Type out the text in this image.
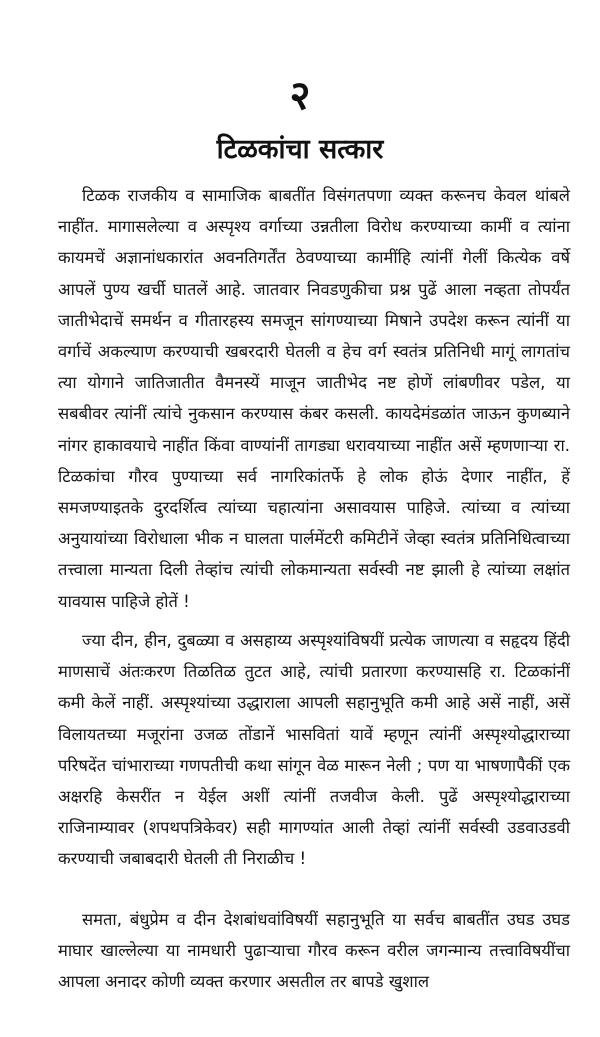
२
टिळकांचा सत्कार

टिळक राजकीय व सामाजिक बाबतींत विसंगतपणा व्यक्त करूनच केवल थांबले नाहींत. मागासलेल्या व अस्पृश्य वर्गाच्या उन्नतीला विरोध करण्याच्या कामीं व त्यांना कायमचें अज्ञानांधकारांत अवनतिगर्तेंत ठेवण्याच्या कामींहि त्यांनीं गेलीं कित्येक वर्षे आपलें पुण्य खर्ची घातलें आहे. जातवार निवडणुकीचा प्रश्न पुढें आला नव्हता तोपर्यंत जातीभेदाचें समर्थन व गीतारहस्य समजून सांगण्याच्या मिषाने उपदेश करून त्यांनीं या वर्गाचें अकल्याण करण्याची खबरदारी घेतली व हेच वर्ग स्वतंत्र प्रतिनिधी मागूं लागतांच त्या योगाने जातिजातीत वैमनस्यें माजून जातीभेद नष्ट होणें लांबणीवर पडेल, या सबबीवर त्यांनीं त्यांचे नुकसान करण्यास कंबर कसली. कायदेमंडळांत जाऊन कुणब्याने नांगर हाकावयाचे नाहींत किंवा वाण्यांनीं तागड्या धरावयाच्या नाहींत असें म्हणणाऱ्या रा. टिळकांचा गौरव पुण्याच्या सर्व नागरिकांतर्फे हे लोक होऊं देणार नाहींत, हें समजण्याइतके दुरदर्शित्व त्यांच्या चहात्यांना असावयास पाहिजे. त्यांच्या व त्यांच्या अनुयायांच्या विरोधाला भीक न घालता पार्लमेंटरी कमिटीनें जेव्हा स्वतंत्र प्रतिनिधित्वाच्या तत्त्वाला मान्यता दिली तेव्हांच त्यांची लोकमान्यता सर्वस्वी नष्ट झाली हे त्यांच्या लक्षांत यावयास पाहिजे होतें !

ज्या दीन, हीन, दुबळ्या व असहाय्य अस्पृश्यांविषयीं प्रत्येक जाणत्या व सहृदय हिंदी माणसाचें अंतःकरण तिळतिळ तुटत आहे, त्यांची प्रतारणा करण्यासहि रा. टिळकांनीं कमी केलें नाहीं. अस्पृश्यांच्या उद्धाराला आपली सहानुभूति कमी आहे असें नाहीं, असें विलायतच्या मजूरांना उजळ तोंडानें भासवितां यावें म्हणून त्यांनीं अस्पृश्योद्धाराच्या परिषदेंत चांभाराच्या गणपतीची कथा सांगून वेळ मारून नेली ; पण या भाषणापैकीं एक अक्षरहि केसरींत न येईल अशीं त्यांनीं तजवीज केली. पुढें अस्पृश्योद्धाराच्या राजिनाम्यावर (शपथपत्रिकेवर) सही मागण्यांत आली तेव्हां त्यांनीं सर्वस्वी उडवाउडवी करण्याची जबाबदारी घेतली ती निराळीच !

समता, बंधुप्रेम व दीन देशबांधवांविषयीं सहानुभूति या सर्वच बाबतींत उघड उघड माघार खाल्लेल्या या नामधारी पुढाऱ्याचा गौरव करून वरील जगन्मान्य तत्त्वाविषयींचा आपला अनादर कोणी व्यक्त करणार असतील तर बापडे खुशाल
